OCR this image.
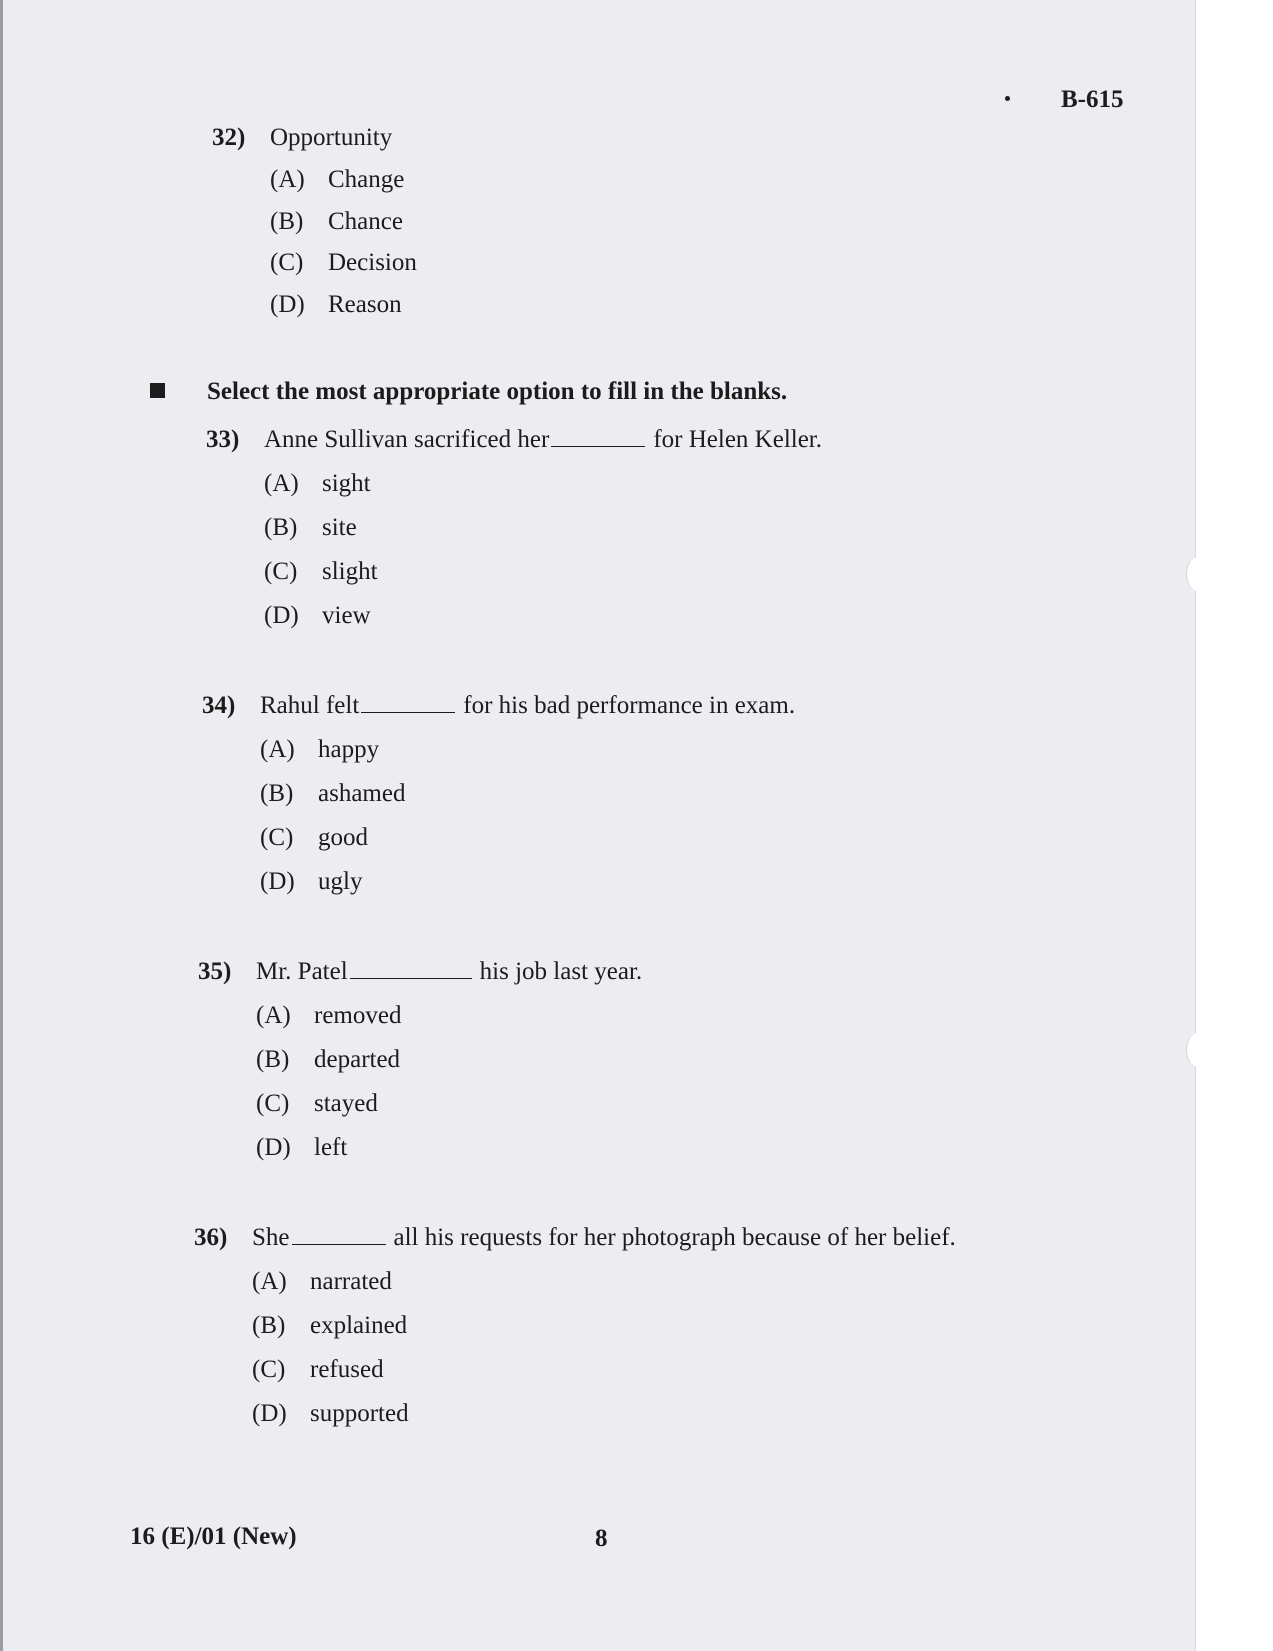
B-615
32) Opportunity
(A) Change
(B) Chance
(C) Decision
(D) Reason
Select the most appropriate option to fill in the blanks.
33) Anne Sullivan sacrificed her	for Helen Keller.
(A) sight
(B) site
(C) slight
(D) view
34) Rahul felt	for his bad performance in exam.
(A) happy
(B) ashamed
(C) good
(D) ugly
35) Mr. Patel	his job last year.
(A) removed
(B) departed
(C) stayed
(D) left
36) She	all his requests for her photograph because of her belief.
(A) narrated
(B) explained
(C) refused
(D) supported
16 (E)/01 (New)	8
